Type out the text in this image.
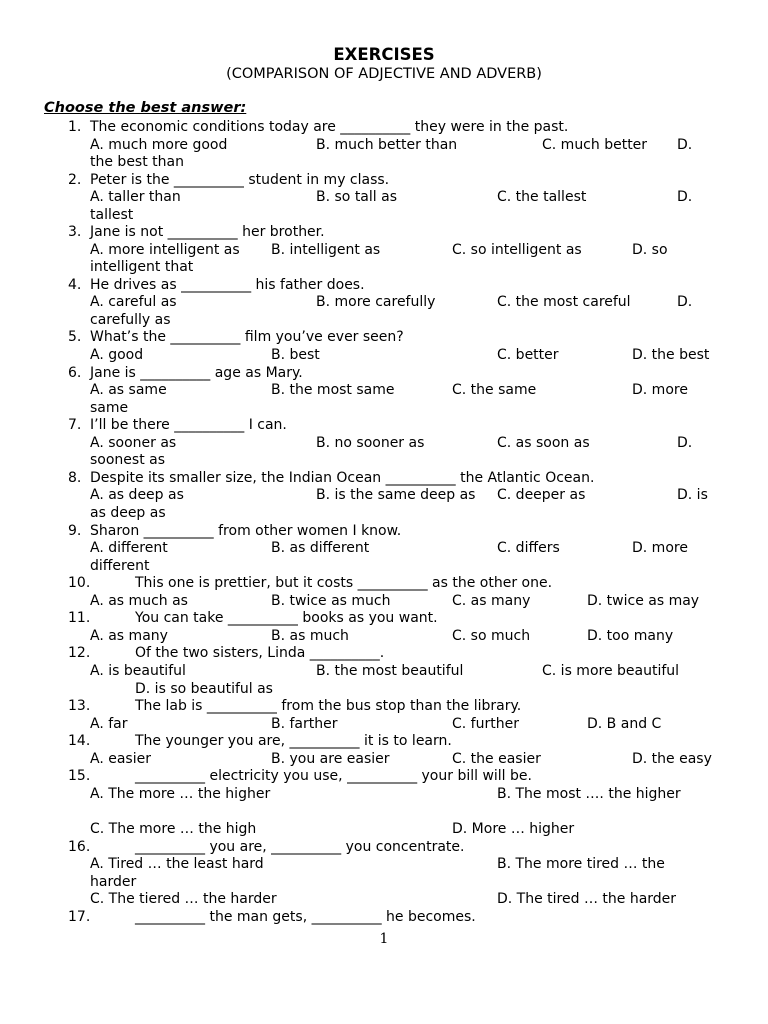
EXERCISES
(COMPARISON OF ADJECTIVE AND ADVERB)
Choose the best answer:
1. The economic conditions today are __________ they were in the past.
A. much more good	B. much better than	C. much better D.
the best than
2. Peter is the __________ student in my class.
A. taller than	B. so tall as	C. the tallest	D.
tallest
3. Jane is not __________ her brother.
A. more intelligent as B. intelligent as	C. so intelligent as	D. so
intelligent that
4. He drives as __________ his father does.
A. careful as	B. more carefully	C. the most careful	D.
carefully as
5. What’s the __________ film you’ve ever seen?
A. good	B. best	C. better	D. the best
6. Jane is __________ age as Mary.
A. as same	B. the most same	C. the same	D. more
same
7. I’ll be there __________ I can.
A. sooner as	B. no sooner as	C. as soon as	D.
soonest as
8. Despite its smaller size, the Indian Ocean __________ the Atlantic Ocean.
A. as deep as	B. is the same deep as C. deeper as	D. is
as deep as
9. Sharon __________ from other women I know.
A. different	B. as different	C. differs	D. more
different
10.	This one is prettier, but it costs __________ as the other one.
A. as much as	B. twice as much	C. as many	D. twice as may
11.	You can take __________ books as you want.
A. as many	B. as much	C. so much	D. too many
12.	Of the two sisters, Linda __________.
A. is beautiful	B. the most beautiful	C. is more beautiful
D. is so beautiful as
13.	The lab is __________ from the bus stop than the library.
A. far	B. farther	C. further	D. B and C
14.	The younger you are, __________ it is to learn.
A. easier	B. you are easier	C. the easier	D. the easy
15.	__________ electricity you use, __________ your bill will be.
A. The more … the higher	B. The most …. the higher
C. The more … the high	D. More … higher
16.	__________ you are, __________ you concentrate.
A. Tired … the least hard	B. The more tired … the
harder
C. The tiered … the harder	D. The tired … the harder
17.	__________ the man gets, __________ he becomes.
1
